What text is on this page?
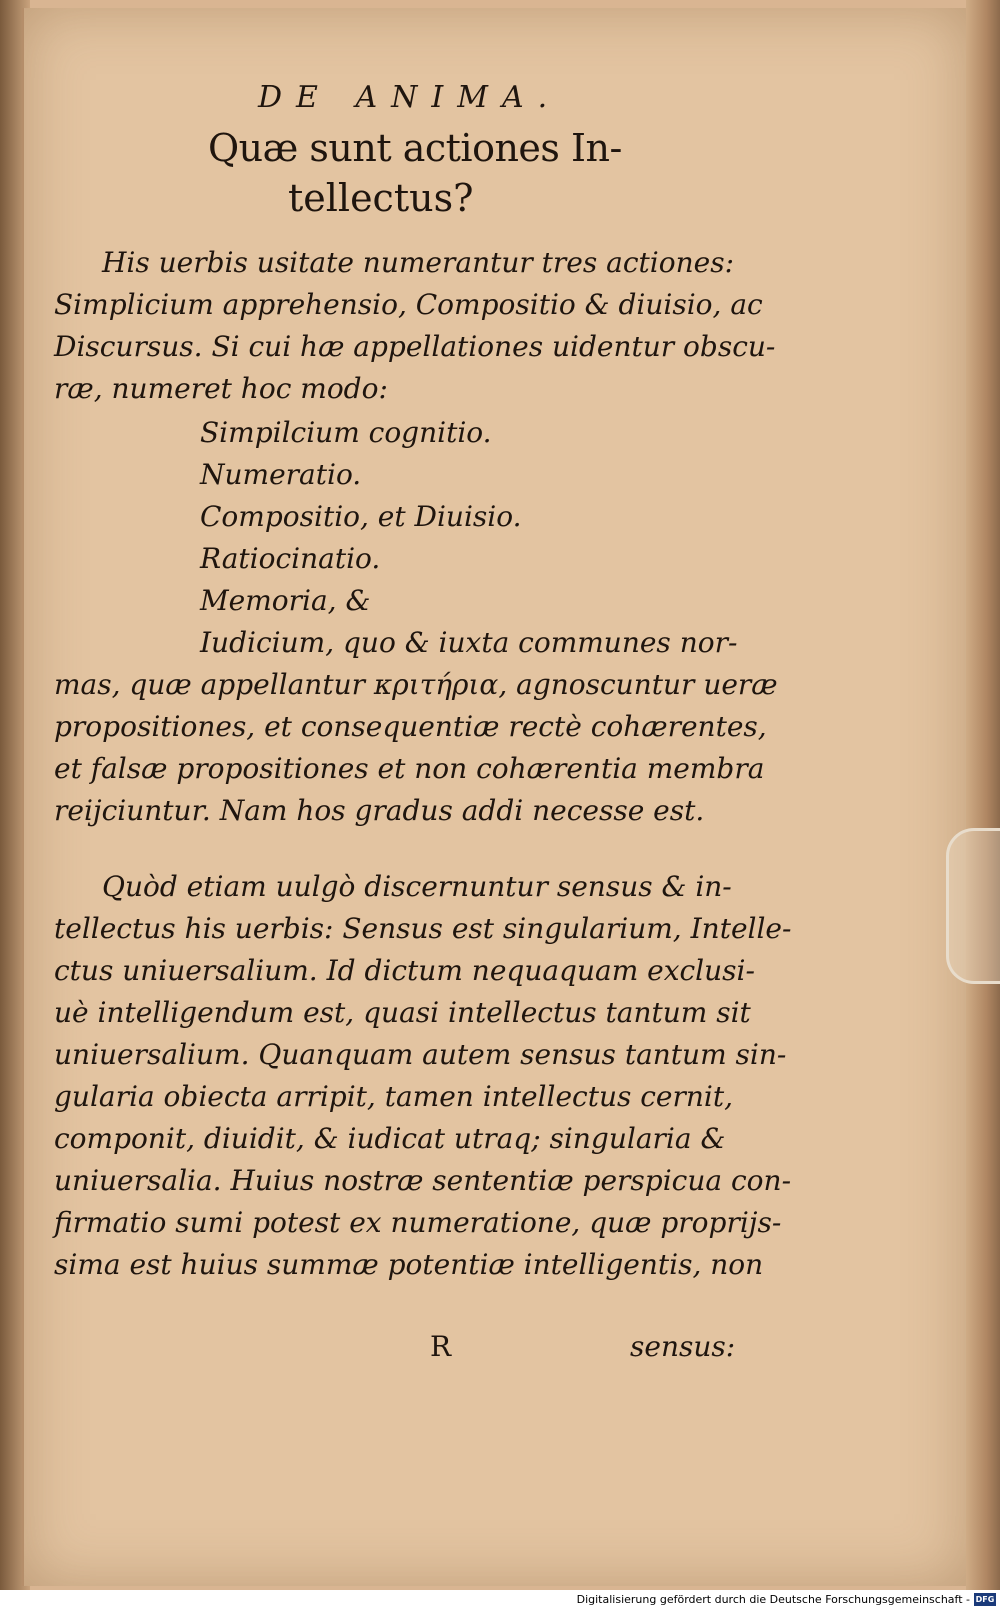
DE ANIMA.
Quæ sunt actiones In-
tellectus?
His uerbis usitate numerantur tres actiones:
Simplicium apprehensio, Compositio & diuisio, ac
Discursus. Si cui hæ appellationes uidentur obscu-
ræ, numeret hoc modo:
Simpilcium cognitio.
Numeratio.
Compositio, et Diuisio.
Ratiocinatio.
Memoria, &
Iudicium, quo & iuxta communes nor-
mas, quæ appellantur κριτήρια, agnoscuntur ueræ
propositiones, et consequentiæ rectè cohærentes,
et falsæ propositiones et non cohærentia membra
reijciuntur. Nam hos gradus addi necesse est.
Quòd etiam uulgò discernuntur sensus & in-
tellectus his uerbis: Sensus est singularium, Intelle-
ctus uniuersalium. Id dictum nequaquam exclusi-
uè intelligendum est, quasi intellectus tantum sit
uniuersalium. Quanquam autem sensus tantum sin-
gularia obiecta arripit, tamen intellectus cernit,
componit, diuidit, & iudicat utraq; singularia &
uniuersalia. Huius nostræ sententiæ perspicua con-
firmatio sumi potest ex numeratione, quæ proprijs-
sima est huius summæ potentiæ intelligentis, non
R	sensus:
Digitalisierung gefördert durch die Deutsche Forschungsgemeinschaft - DFG
